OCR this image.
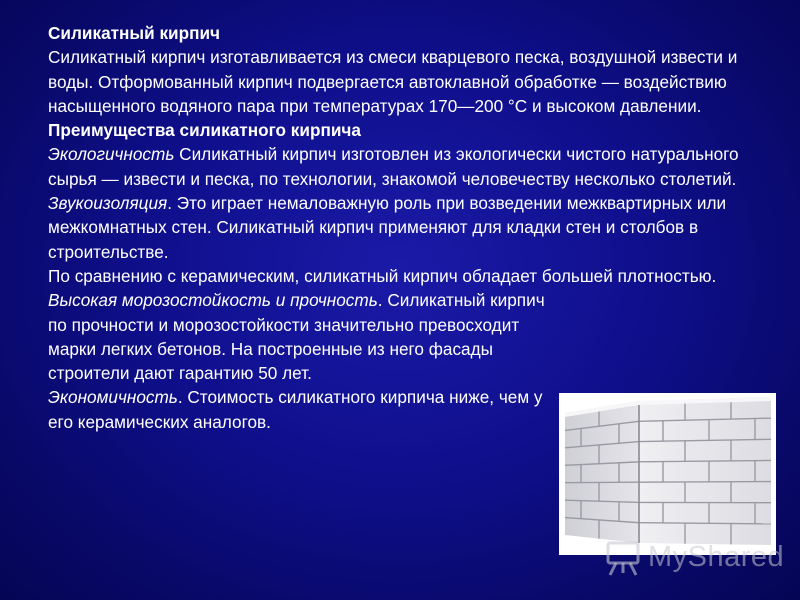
Силикатный кирпич

Силикатный кирпич изготавливается из смеси кварцевого песка, воздушной извести и воды. Отформованный кирпич подвергается автоклавной обработке — воздействию насыщенного водяного пара при температурах 170—200 °С и высоком давлении.

Преимущества силикатного кирпича

Экологичность Силикатный кирпич изготовлен из экологически чистого натурального сырья — извести и песка, по технологии, знакомой человечеству несколько столетий.

Звукоизоляция. Это играет немаловажную роль при возведении межквартирных или межкомнатных стен. Силикатный кирпич применяют для кладки стен и столбов в строительстве.

По сравнению с керамическим, силикатный кирпич обладает большей плотностью.

Высокая морозостойкость и прочность. Силикатный кирпич по прочности и морозостойкости значительно превосходит марки легких бетонов. На построенные из него фасады строители дают гарантию 50 лет.

Экономичность. Стоимость силикатного кирпича ниже, чем у его керамических аналогов.

MyShared
